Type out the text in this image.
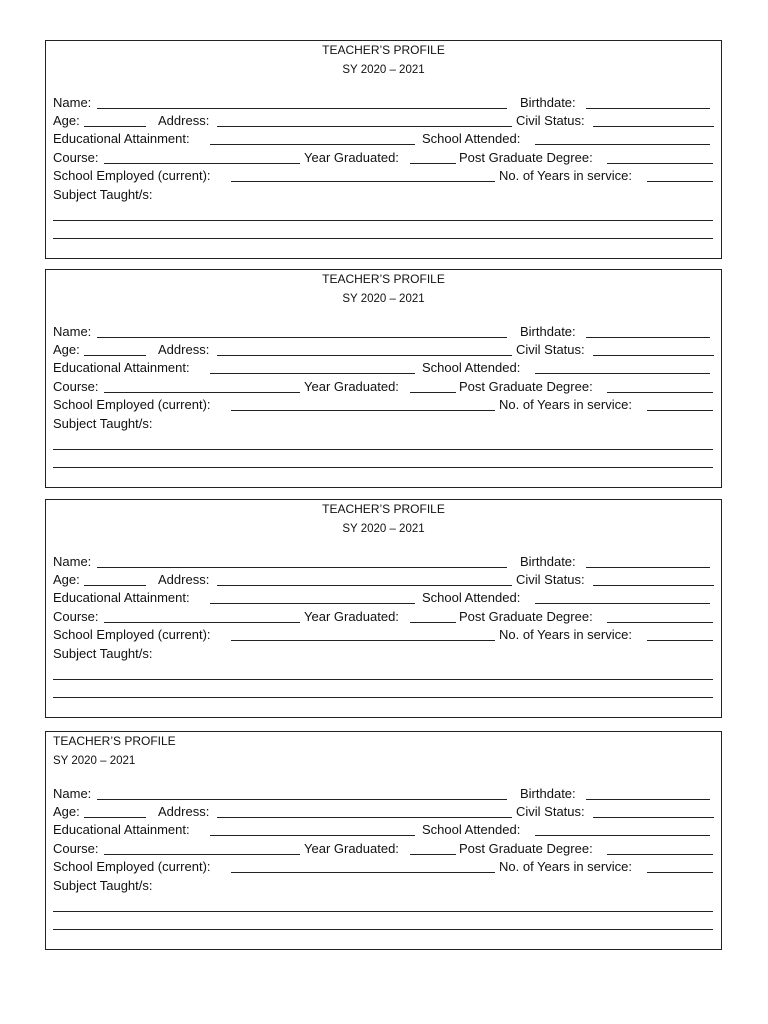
TEACHER’S PROFILE
SY 2020 – 2021
Name:	Birthdate:
Age:	Address:	Civil Status:
Educational Attainment:	School Attended:
Course:	Year Graduated:	Post Graduate Degree:
School Employed (current):	No. of Years in service:
Subject Taught/s:
TEACHER’S PROFILE
SY 2020 – 2021
Name:	Birthdate:
Age:	Address:	Civil Status:
Educational Attainment:	School Attended:
Course:	Year Graduated:	Post Graduate Degree:
School Employed (current):	No. of Years in service:
Subject Taught/s:
TEACHER’S PROFILE
SY 2020 – 2021
Name:	Birthdate:
Age:	Address:	Civil Status:
Educational Attainment:	School Attended:
Course:	Year Graduated:	Post Graduate Degree:
School Employed (current):	No. of Years in service:
Subject Taught/s:
TEACHER’S PROFILE
SY 2020 – 2021
Name:	Birthdate:
Age:	Address:	Civil Status:
Educational Attainment:	School Attended:
Course:	Year Graduated:	Post Graduate Degree:
School Employed (current):	No. of Years in service:
Subject Taught/s:
